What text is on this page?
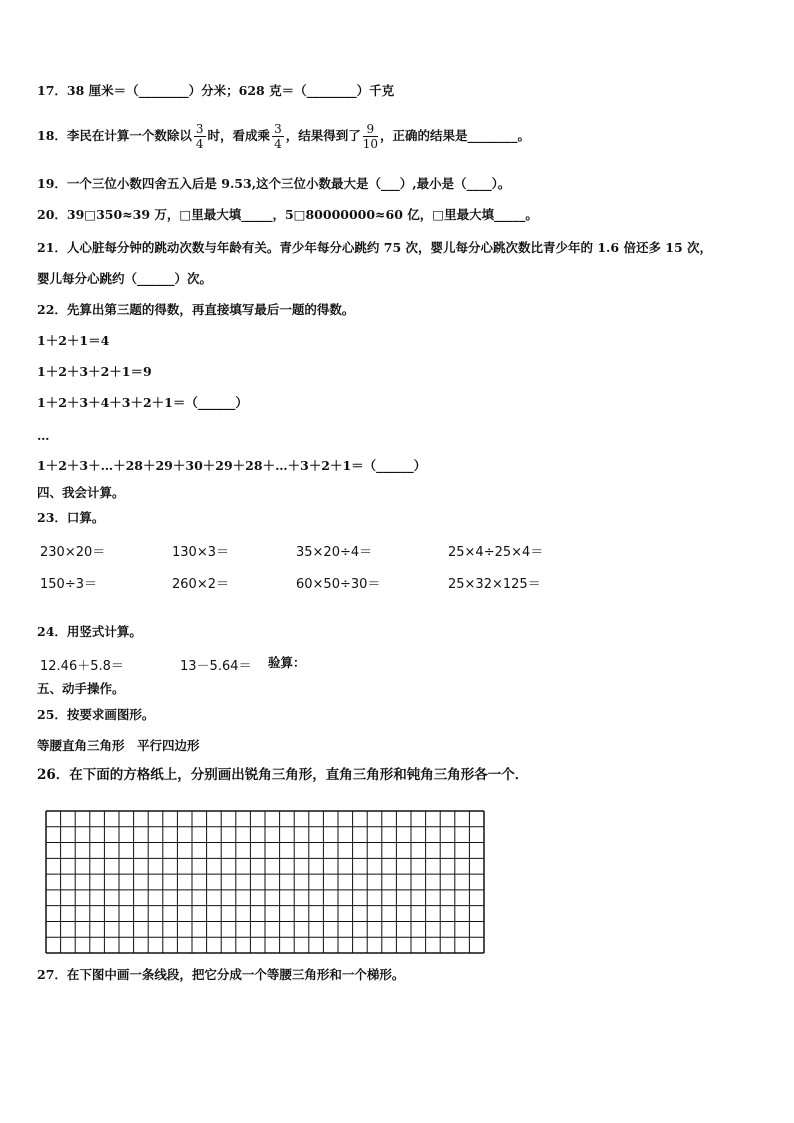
17．38 厘米＝（________）分米；628 克＝（________）千克
18．李民在计算一个数除以 $\frac{3}{4}$ 时，看成乘 $\frac{3}{4}$ ，结果得到了 $\frac{9}{10}$ ，正确的结果是________。
19．一个三位小数四舍五入后是 9.53,这个三位小数最大是（___）,最小是（____）。
20．39□350≈39 万，□里最大填_____，5□80000000≈60 亿，□里最大填_____。
21．人心脏每分钟的跳动次数与年龄有关。青少年每分心跳约 75 次，婴儿每分心跳次数比青少年的 1.6 倍还多 15 次，
婴儿每分心跳约（______）次。
22．先算出第三题的得数，再直接填写最后一题的得数。
1＋2＋1＝4
1＋2＋3＋2＋1＝9
1＋2＋3＋4＋3＋2＋1＝（______）
…
1＋2＋3＋…＋28＋29＋30＋29＋28＋…＋3＋2＋1＝（______）
四、我会计算。
23．口算。
230×20＝	130×3＝	35×20÷4＝	25×4÷25×4＝
150÷3＝	260×2＝	60×50÷30＝	25×32×125＝
24．用竖式计算。
12.46＋5.8＝	13－5.64＝ 验算：
五、动手操作。
25．按要求画图形。
等腰直角三角形　平行四边形
26．在下面的方格纸上，分别画出锐角三角形，直角三角形和钝角三角形各一个．
27．在下图中画一条线段，把它分成一个等腰三角形和一个梯形。
